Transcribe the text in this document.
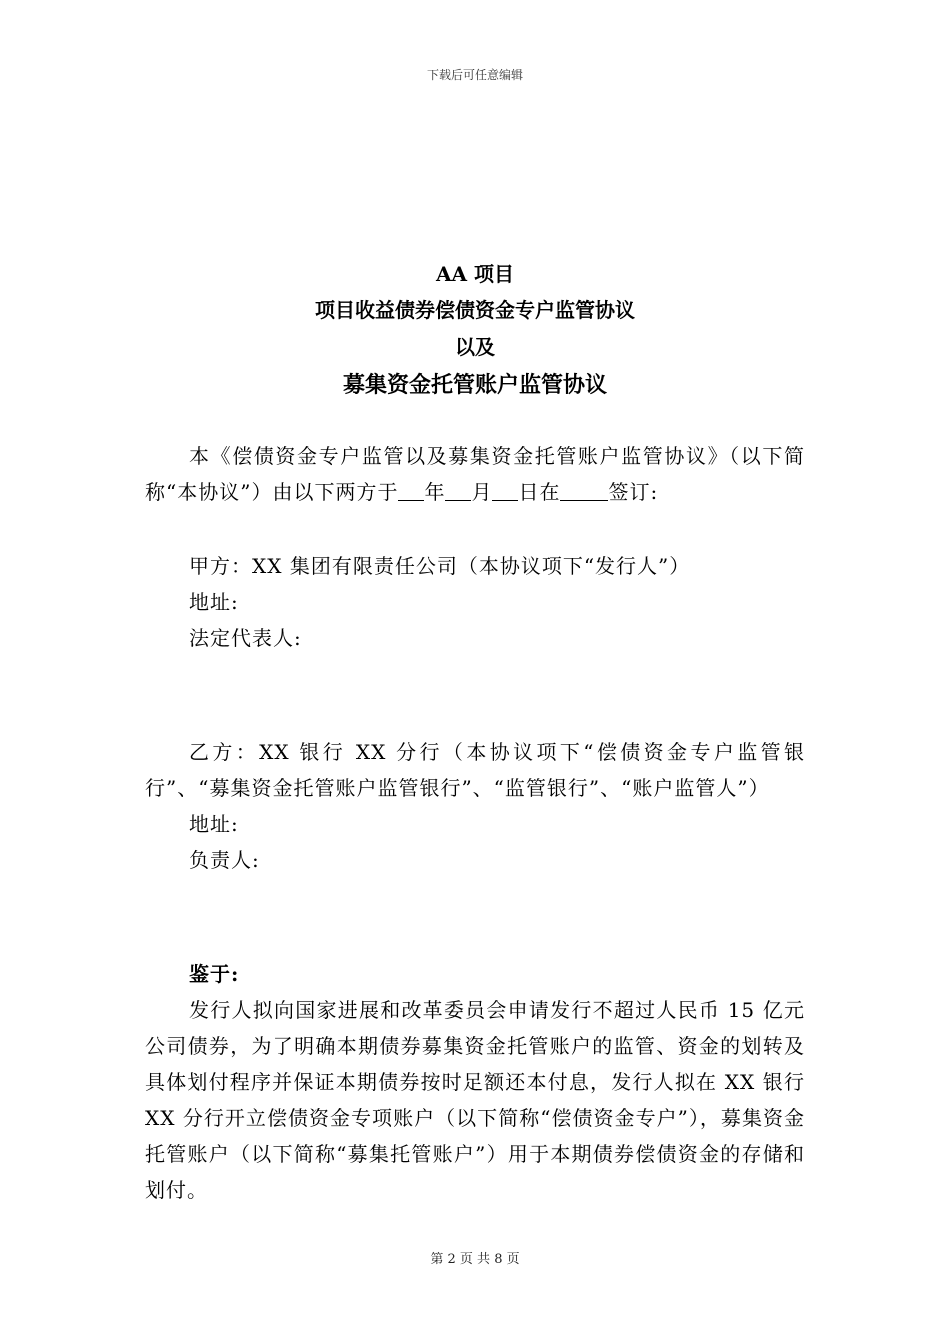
下载后可任意编辑
AA 项目
项目收益债券偿债资金专户监管协议
以及
募集资金托管账户监管协议
本《偿债资金专户监管以及募集资金托管账户监管协议》（以下简称“本协议”）由以下两方于 年 月 日在 签订:
甲方：XX 集团有限责任公司（本协议项下“发行人”）
地址:
法定代表人:
乙方：XX 银行 XX 分行（本协议项下“偿债资金专户监管银行”、“募集资金托管账户监管银行”、“监管银行”、“账户监管人”）
地址:
负责人:
鉴于:
发行人拟向国家进展和改革委员会申请发行不超过人民币 15 亿元公司债券，为了明确本期债券募集资金托管账户的监管、资金的划转及具体划付程序并保证本期债券按时足额还本付息，发行人拟在 XX 银行 XX 分行开立偿债资金专项账户（以下简称“偿债资金专户”），募集资金托管账户（以下简称“募集托管账户”）用于本期债券偿债资金的存储和划付。
第 2 页 共 8 页
